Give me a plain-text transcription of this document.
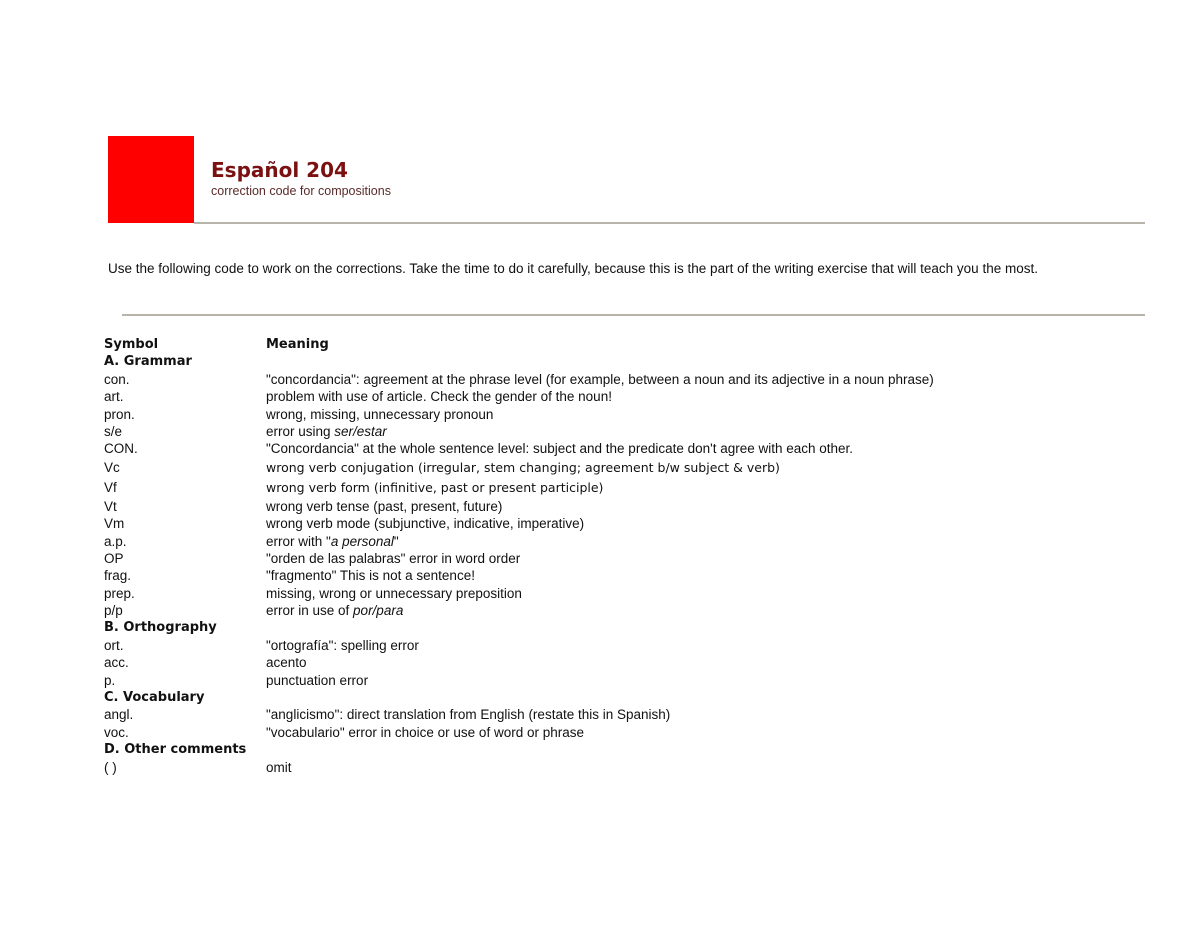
Español 204
correction code for compositions
Use the following code to work on the corrections. Take the time to do it carefully, because this is the part of the writing exercise that will teach you the most.
Symbol	Meaning
A. Grammar
con.	"concordancia": agreement at the phrase level (for example, between a noun and its adjective in a noun phrase)
art.	problem with use of article. Check the gender of the noun!
pron.	wrong, missing, unnecessary pronoun
s/e	error using ser/estar
CON.	"Concordancia" at the whole sentence level: subject and the predicate don't agree with each other.
Vc	wrong verb conjugation (irregular, stem changing; agreement b/w subject & verb)
Vf	wrong verb form (infinitive, past or present participle)
Vt	wrong verb tense (past, present, future)
Vm	wrong verb mode (subjunctive, indicative, imperative)
a.p.	error with "a personal"
OP	"orden de las palabras" error in word order
frag.	"fragmento" This is not a sentence!
prep.	missing, wrong or unnecessary preposition
p/p	error in use of por/para
B. Orthography
ort.	"ortografía": spelling error
acc.	acento
p.	punctuation error
C. Vocabulary
angl.	"anglicismo": direct translation from English (restate this in Spanish)
voc.	"vocabulario" error in choice or use of word or phrase
D. Other comments
( )	omit
